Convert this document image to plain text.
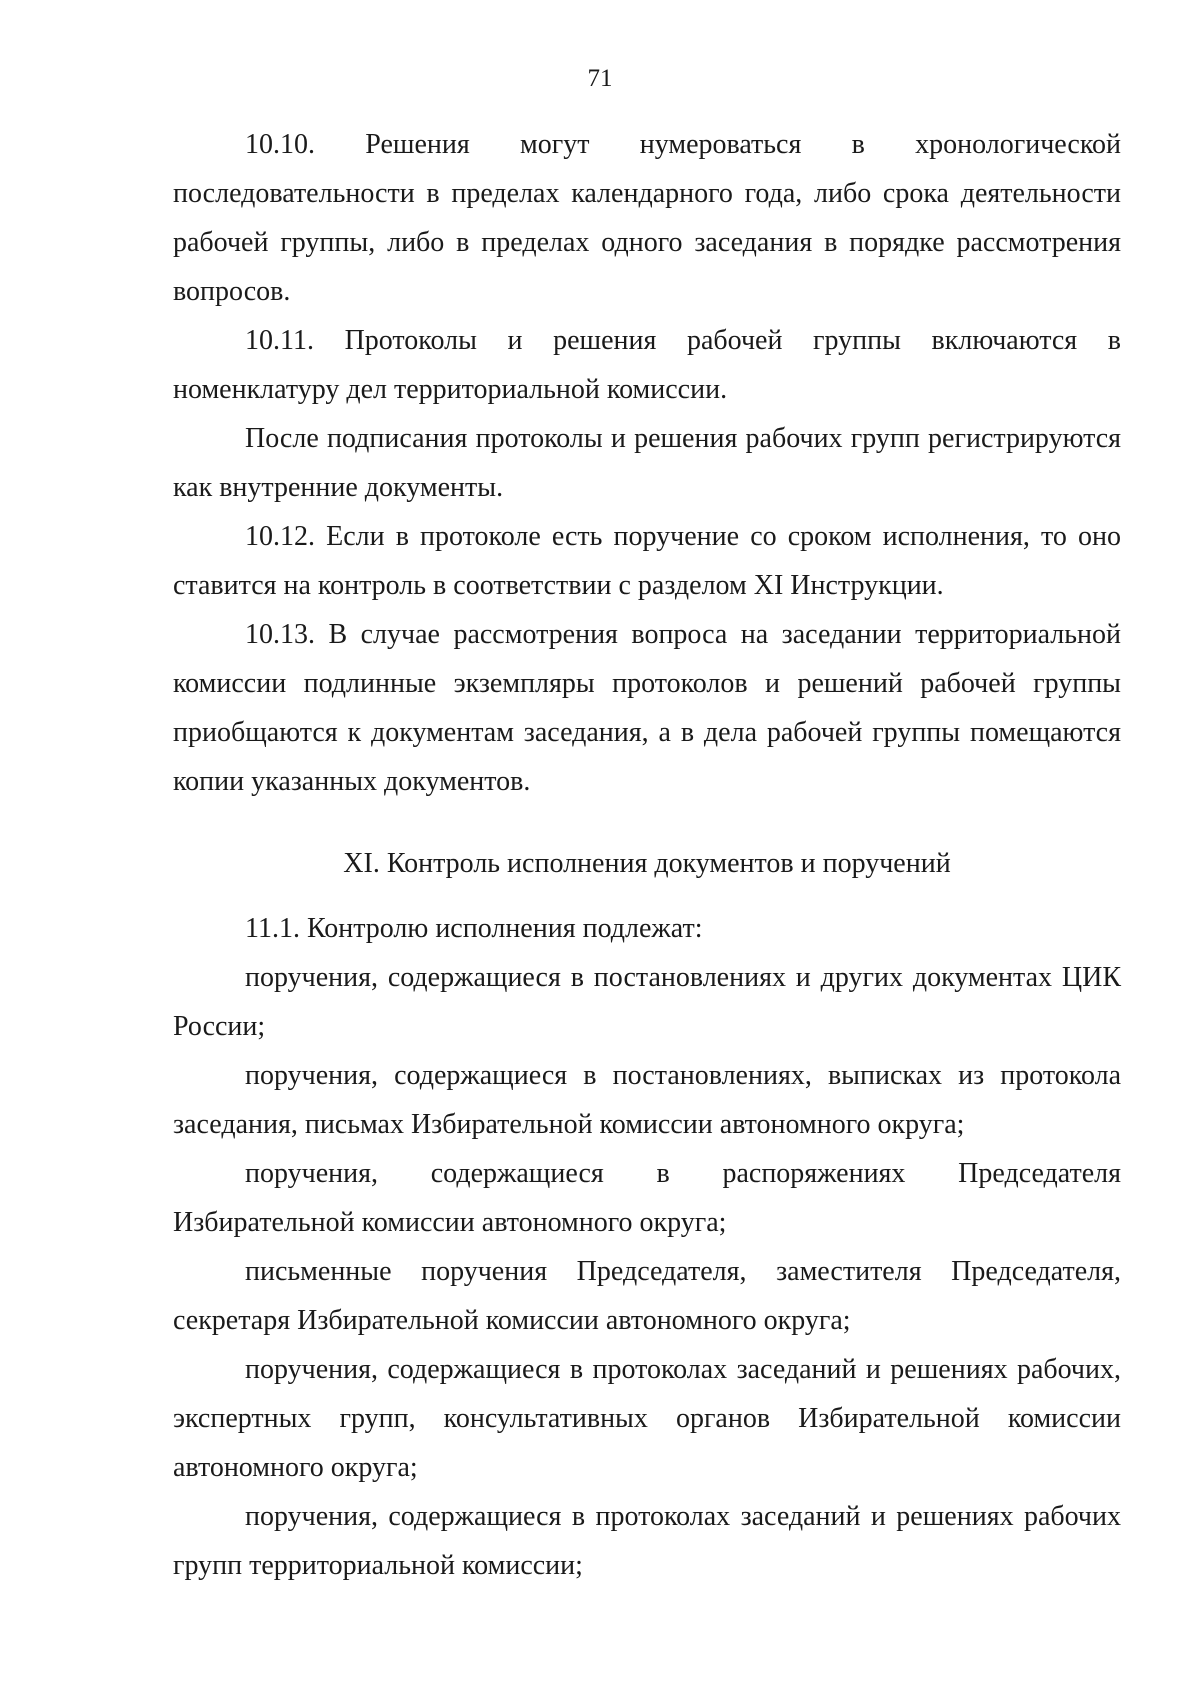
71

10.10. Решения могут нумероваться в хронологической последовательности в пределах календарного года, либо срока деятельности рабочей группы, либо в пределах одного заседания в порядке рассмотрения вопросов.

10.11. Протоколы и решения рабочей группы включаются в номенклатуру дел территориальной комиссии.

После подписания протоколы и решения рабочих групп регистрируются как внутренние документы.

10.12. Если в протоколе есть поручение со сроком исполнения, то оно ставится на контроль в соответствии с разделом XI Инструкции.

10.13. В случае рассмотрения вопроса на заседании территориальной комиссии подлинные экземпляры протоколов и решений рабочей группы приобщаются к документам заседания, а в дела рабочей группы помещаются копии указанных документов.

XI. Контроль исполнения документов и поручений

11.1. Контролю исполнения подлежат:

поручения, содержащиеся в постановлениях и других документах ЦИК России;

поручения, содержащиеся в постановлениях, выписках из протокола заседания, письмах Избирательной комиссии автономного округа;

поручения, содержащиеся в распоряжениях Председателя Избирательной комиссии автономного округа;

письменные поручения Председателя, заместителя Председателя, секретаря Избирательной комиссии автономного округа;

поручения, содержащиеся в протоколах заседаний и решениях рабочих, экспертных групп, консультативных органов Избирательной комиссии автономного округа;

поручения, содержащиеся в протоколах заседаний и решениях рабочих групп территориальной комиссии;
